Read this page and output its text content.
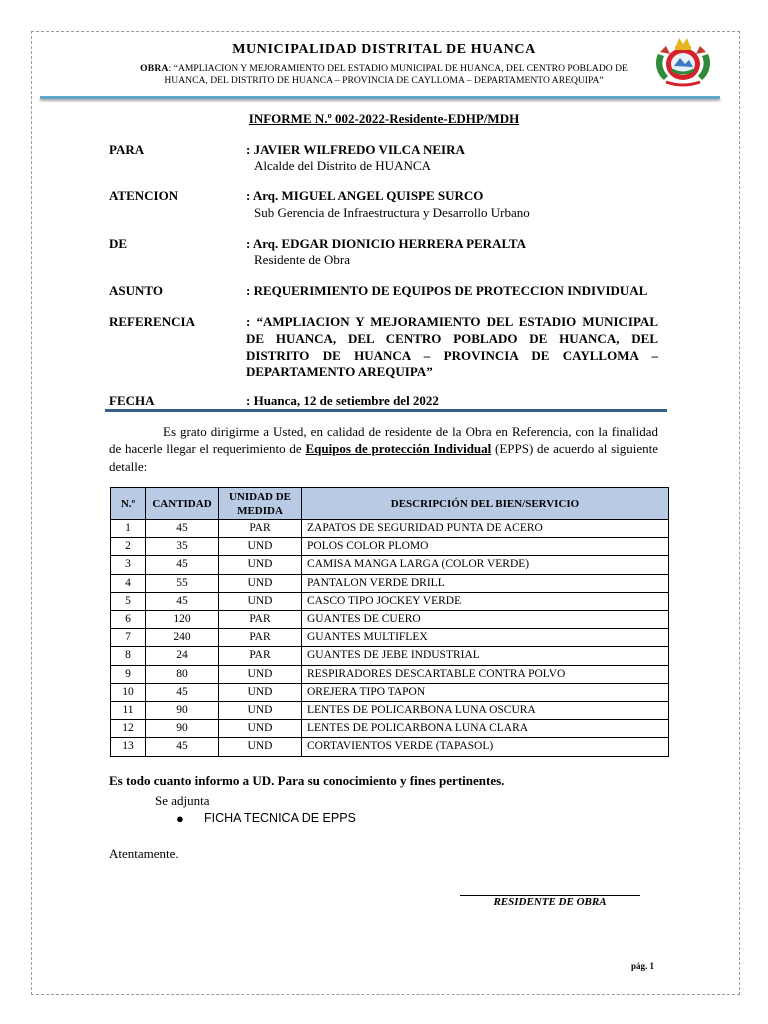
MUNICIPALIDAD DISTRITAL DE HUANCA
OBRA: “AMPLIACION Y MEJORAMIENTO DEL ESTADIO MUNICIPAL DE HUANCA, DEL CENTRO POBLADO DE
HUANCA, DEL DISTRITO DE HUANCA – PROVINCIA DE CAYLLOMA – DEPARTAMENTO AREQUIPA”
INFORME N.º 002-2022-Residente-EDHP/MDH
PARA	: JAVIER WILFREDO VILCA NEIRA
Alcalde del Distrito de HUANCA
ATENCION	: Arq. MIGUEL ANGEL QUISPE SURCO
Sub Gerencia de Infraestructura y Desarrollo Urbano
DE	: Arq. EDGAR DIONICIO HERRERA PERALTA
Residente de Obra
ASUNTO	: REQUERIMIENTO DE EQUIPOS DE PROTECCION INDIVIDUAL
REFERENCIA	: “AMPLIACION Y MEJORAMIENTO DEL ESTADIO MUNICIPAL DE HUANCA, DEL CENTRO POBLADO DE HUANCA, DEL DISTRITO DE HUANCA – PROVINCIA DE CAYLLOMA – DEPARTAMENTO AREQUIPA”
FECHA	: Huanca, 12 de setiembre del 2022
Es grato dirigirme a Usted, en calidad de residente de la Obra en Referencia, con la finalidad de hacerle llegar el requerimiento de Equipos de protección Individual (EPPS) de acuerdo al siguiente detalle:
N.º	CANTIDAD	UNIDAD DE MEDIDA	DESCRIPCIÓN DEL BIEN/SERVICIO
1	45	PAR	ZAPATOS DE SEGURIDAD PUNTA DE ACERO
2	35	UND	POLOS COLOR PLOMO
3	45	UND	CAMISA MANGA LARGA (COLOR VERDE)
4	55	UND	PANTALON VERDE DRILL
5	45	UND	CASCO TIPO JOCKEY VERDE
6	120	PAR	GUANTES DE CUERO
7	240	PAR	GUANTES MULTIFLEX
8	24	PAR	GUANTES DE JEBE INDUSTRIAL
9	80	UND	RESPIRADORES DESCARTABLE CONTRA POLVO
10	45	UND	OREJERA TIPO TAPON
11	90	UND	LENTES DE POLICARBONA LUNA OSCURA
12	90	UND	LENTES DE POLICARBONA LUNA CLARA
13	45	UND	CORTAVIENTOS VERDE (TAPASOL)
Es todo cuanto informo a UD. Para su conocimiento y fines pertinentes.
Se adjunta
● FICHA TECNICA DE EPPS
Atentamente.
RESIDENTE DE OBRA
pág. 1
